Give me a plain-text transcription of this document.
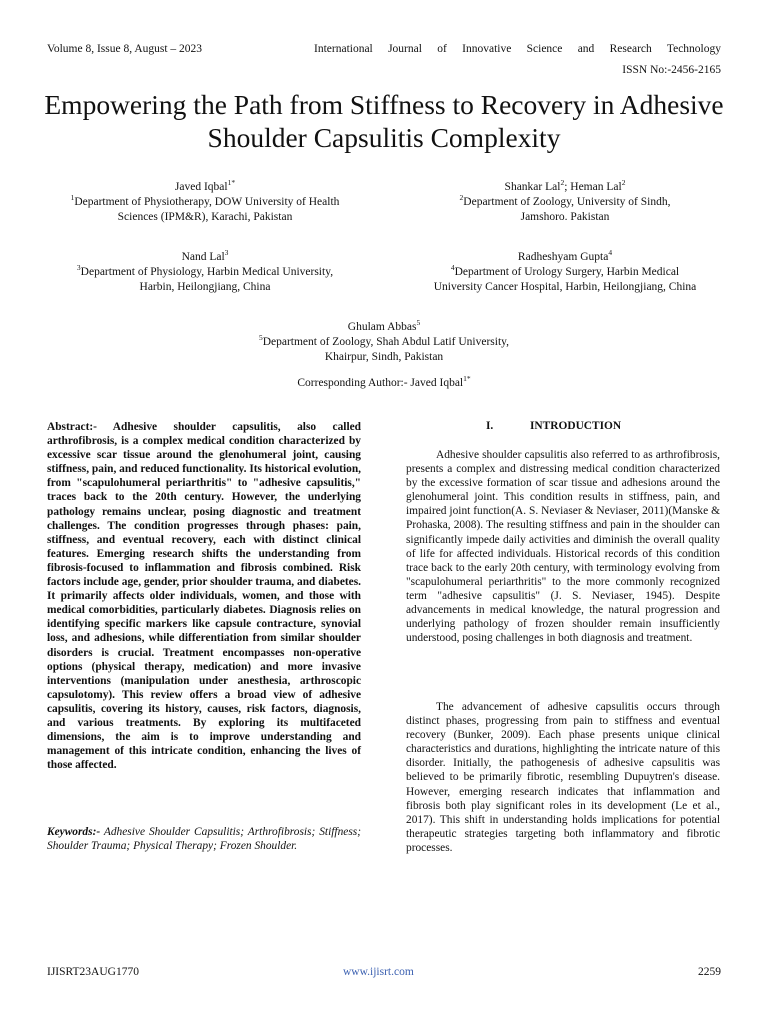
Volume 8, Issue 8, August – 2023	International Journal of Innovative Science and Research Technology
ISSN No:-2456-2165
Empowering the Path from Stiffness to Recovery in Adhesive Shoulder Capsulitis Complexity
Javed Iqbal$^{1*}$
$^1$Department of Physiotherapy, DOW University of Health
Sciences (IPM&R), Karachi, Pakistan
Shankar Lal$^2$; Heman Lal$^2$
$^2$Department of Zoology, University of Sindh,
Jamshoro. Pakistan
Nand Lal$^3$
$^3$Department of Physiology, Harbin Medical University,
Harbin, Heilongjiang, China
Radheshyam Gupta$^4$
$^4$Department of Urology Surgery, Harbin Medical
University Cancer Hospital, Harbin, Heilongjiang, China
Ghulam Abbas$^5$
$^5$Department of Zoology, Shah Abdul Latif University,
Khairpur, Sindh, Pakistan
Corresponding Author:- Javed Iqbal$^{1*}$
Abstract:- Adhesive shoulder capsulitis, also called arthrofibrosis, is a complex medical condition characterized by excessive scar tissue around the glenohumeral joint, causing stiffness, pain, and reduced functionality. Its historical evolution, from "scapulohumeral periarthritis" to "adhesive capsulitis," traces back to the 20th century. However, the underlying pathology remains unclear, posing diagnostic and treatment challenges. The condition progresses through phases: pain, stiffness, and eventual recovery, each with distinct clinical features. Emerging research shifts the understanding from fibrosis-focused to inflammation and fibrosis combined. Risk factors include age, gender, prior shoulder trauma, and diabetes. It primarily affects older individuals, women, and those with medical comorbidities, particularly diabetes. Diagnosis relies on identifying specific markers like capsule contracture, synovial loss, and adhesions, while differentiation from similar shoulder disorders is crucial. Treatment encompasses non-operative options (physical therapy, medication) and more invasive interventions (manipulation under anesthesia, arthroscopic capsulotomy). This review offers a broad view of adhesive capsulitis, covering its history, causes, risk factors, diagnosis, and various treatments. By exploring its multifaceted dimensions, the aim is to improve understanding and management of this intricate condition, enhancing the lives of those affected.
Keywords:- Adhesive Shoulder Capsulitis; Arthrofibrosis; Stiffness; Shoulder Trauma; Physical Therapy; Frozen Shoulder.
I.	INTRODUCTION
Adhesive shoulder capsulitis also referred to as arthrofibrosis, presents a complex and distressing medical condition characterized by the excessive formation of scar tissue and adhesions around the glenohumeral joint. This condition results in stiffness, pain, and impaired joint function(A. S. Neviaser & Neviaser, 2011)(Manske & Prohaska, 2008). The resulting stiffness and pain in the shoulder can significantly impede daily activities and diminish the overall quality of life for affected individuals. Historical records of this condition trace back to the early 20th century, with terminology evolving from "scapulohumeral periarthritis" to the more commonly recognized term "adhesive capsulitis" (J. S. Neviaser, 1945). Despite advancements in medical knowledge, the natural progression and underlying pathology of frozen shoulder remain insufficiently understood, posing challenges in both diagnosis and treatment.
The advancement of adhesive capsulitis occurs through distinct phases, progressing from pain to stiffness and eventual recovery (Bunker, 2009). Each phase presents unique clinical characteristics and durations, highlighting the intricate nature of this disorder. Initially, the pathogenesis of adhesive capsulitis was believed to be primarily fibrotic, resembling Dupuytren's disease. However, emerging research indicates that inflammation and fibrosis both play significant roles in its development (Le et al., 2017). This shift in understanding holds implications for potential therapeutic strategies targeting both inflammatory and fibrotic processes.
IJISRT23AUG1770	www.ijisrt.com	2259
